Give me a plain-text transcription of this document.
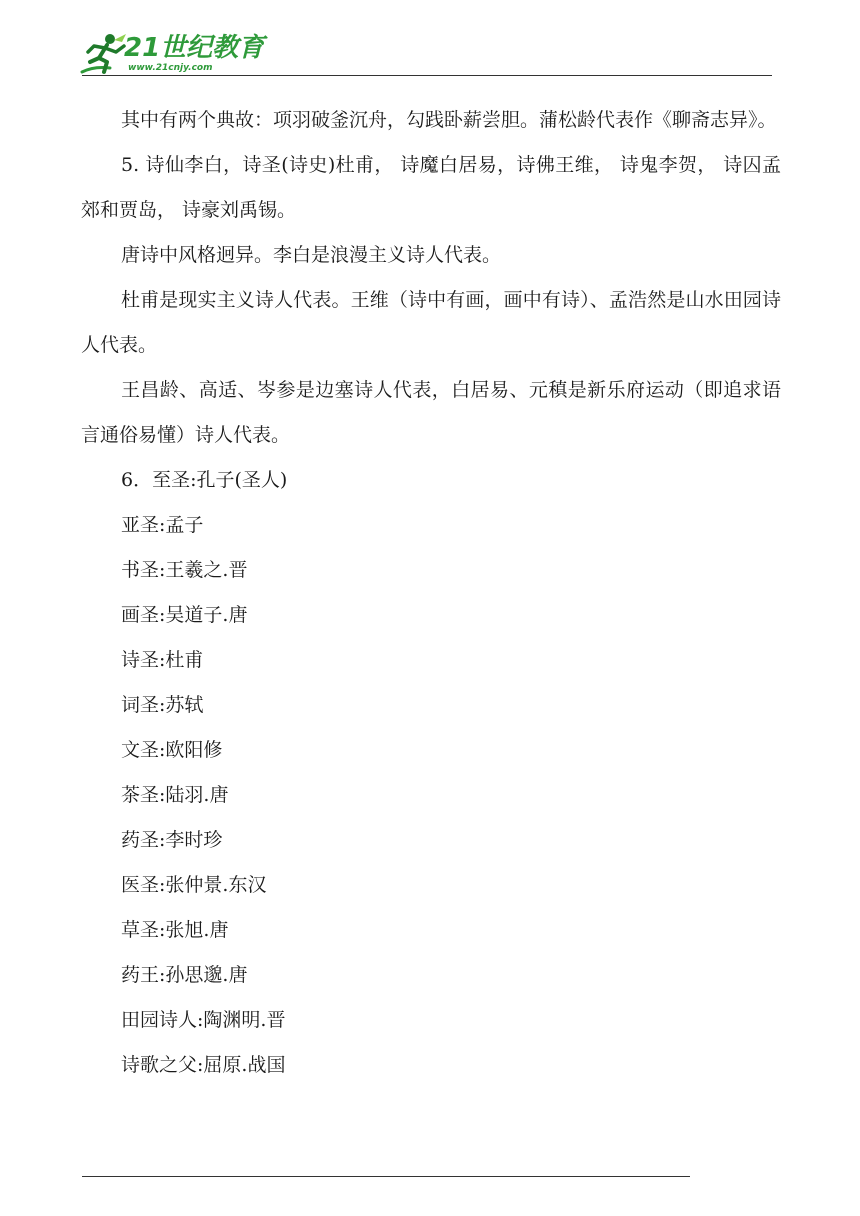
21世纪教育
www.21cnjy.com

其中有两个典故：项羽破釜沉舟，勾践卧薪尝胆。蒲松龄代表作《聊斋志异》。

5. 诗仙李白，诗圣(诗史)杜甫， 诗魔白居易，诗佛王维， 诗鬼李贺， 诗囚孟郊和贾岛， 诗豪刘禹锡。

唐诗中风格迥异。李白是浪漫主义诗人代表。

杜甫是现实主义诗人代表。王维（诗中有画，画中有诗）、孟浩然是山水田园诗人代表。

王昌龄、高适、岑参是边塞诗人代表，白居易、元稹是新乐府运动（即追求语言通俗易懂）诗人代表。

6．至圣:孔子(圣人)

亚圣:孟子

书圣:王羲之.晋

画圣:吴道子.唐

诗圣:杜甫

词圣:苏轼

文圣:欧阳修

茶圣:陆羽.唐

药圣:李时珍

医圣:张仲景.东汉

草圣:张旭.唐

药王:孙思邈.唐

田园诗人:陶渊明.晋

诗歌之父:屈原.战国
